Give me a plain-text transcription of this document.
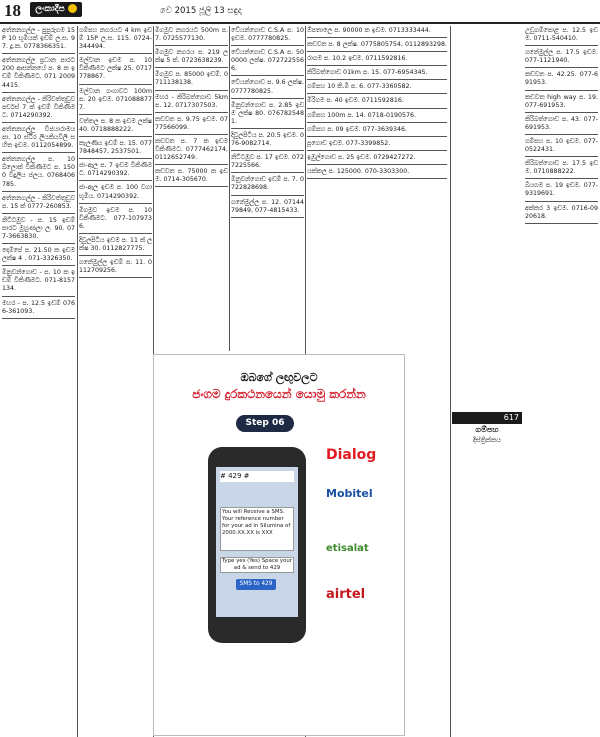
18	ලංකාදීප	වෙ 2015 ජූලි 13 සඳුදා
අත්තනගල්ල - පුපුරුගම 15P 10 භූමියක් ඉඩම් ල.ස. 97. දු.ක. 0778366351.
අත්තනගල්ල ප්‍රධාන පාරට 200 ආසන්නයේ ප. 8 ක ඉඩම් විකිණීමට. 071 2009 4415.
අත්තනගල්ල - කිරිවත්තුඩුව පර්චස් 7 ක් ඉඩම් විකිණීමට. 0714290392.
අත්තනගල්ල විජයාරාමය පා. 10 ස්ථිර ලියකියවිලි සහිත ඉඩම. 0112054899.
අත්තනගල්ල ප. 10 බ්ලොක් විකිණීමට ප. 1500 විදුලිය ජලය. 0768406785.
අත්තනගල්ල - කිරිවත්තුඩුව ප. 15 ක් 0777-260853.
නිට්ටඹුව - ප. 15 ඉඩම් පාරට මුහුණලා ල. 90. 077-3663830.
දොම්පේ ප. 21.50 ක ඉඩම ලක්ෂ 4 . 071-3326350.
මිනුවන්ගොඩ - ප. 10 ක ඉඩම් විකිණීමට. 071-8157134.
මහර - ප. 12.5 ඉඩම් 0766-361093.
ගම්පහ නගරයට 4 km ඉඩම් 15P ල.ස. 115. 0724-344494.
මල්වාන ඉඩම ප. 10 විකිණීමට ලක්ෂ 25. 0717778867.
මල්වාන ගංගාවට 100m ප. 20 ඉඩම. 0710888777.
වත්තල ප. 8 ක ඉඩම ලක්ෂ 40. 0718888222.
කැලණිය ඉඩම් ප. 15. 0777848457, 2537501.
ජා-ඇල ප. 7 ඉඩම විකිණීමට. 0714290392.
ජා-ඇල ඉඩම ප. 100 වගා භූමිය. 0714290392.
මීගමුව ඉඩම ප. 10 විකිණීමට. 077-1079736.
දිවුලපිටිය ඉඩම ප. 11 ක් ලක්ෂ 30. 0112827775.
ගනේමුල්ල ඉඩම් ප. 11. 0112709256.
මීගමුව නගරයට 500m ප. 7. 0725577130.
මීගමුව නගරය ප. 219 ලක්ෂ 5 ක්. 0723638239.
මීගමුව ප. 85000 ඉඩම්. 0711138138.
මහර - කිරිබත්ගොඩ 5km ප. 12. 0717307503.
කඩවත ප. 9.75 ඉඩම. 0777566099.
කඩවත ප. 7 ක ඉඩම විකිණීමට. 0777462174, 0112652749.
කඩවත ප. 75000 ක ඉඩම. 0714-305670.
වේයන්ගොඩ C.S.A ප. 10 ඉඩම. 0777780825.
වේයන්ගොඩ C.S.A ප. 500000 ලක්ෂ. 0727225566.
වේයන්ගොඩ ප. 9.6 ලක්ෂ. 0777780825.
මිනුවන්ගොඩ ප. 2.85 ඉඩම ලක්ෂ 80. 0767825481.
දිවුලපිටිය ප. 20.5 ඉඩම. 076-9082714.
නිට්ටඹුව ප. 17 ඉඩම. 0727225566.
මිනුවන්ගොඩ ඉඩම් ප. 7. 0722828698.
ගනේමුල්ල ප. 12. 0714479849, 077-4815433.
ඕපතාලෙ ප. 90000 ක ඉඩම. 0713333444.
කඩවත ප. 8 ලක්ෂ. 0775805754, 0112893298.
රාගම ප. 10.2 ඉඩම. 0711592816.
කිරිබත්ගොඩ 01km ප. 15. 077-6954345.
ගම්පහ 10 කි.මී ප. 6. 077-3360582.
මීරිගම ප. 40 ඉඩම. 0711592816.
ගම්පහ 100m ප. 14. 0718-0190576.
ගම්පහ ප. 09 ඉඩම. 077-3639346.
පූගොඩ ඉඩම. 077-3399852.
ඉඹුල්ගොඩ ප. 25 ඉඩම. 0729427272.
යක්කල ප. 125000. 070-3303300.
උඩුගම්පොළ ප. 12.5 ඉඩම. 0711-540410.
ගනේමුල්ල ප. 17.5 ඉඩම. 077-1121940.
කඩවත ප. 42.25. 077-691953.
කඩවත high way ප. 19. 077-691953.
කිරිබත්ගොඩ ප. 43. 077-691953.
ගම්පහ ප. 10 ඉඩම. 077-0522431.
කිරිබත්ගොඩ ප. 17.5 ඉඩම. 0710888222.
බියගම ප. 19 ඉඩම. 077-9319691.
අක්කර 3 ඉඩම. 0716-0920618.
ඔබගේ ලඟුවලට
ජංගම දුරකථනයෙන් යොමු කරන්න
Step 06
# 429 #
You will Receive a SMS. Your reference number for your ad in Silumina of 2000.XX.XX is XXX
Type yes (Yes) Space your ad & send to 429
SMS to 429
Dialog
Mobitel
etisalat
airtel
617
ගම්පහ
දිස්ත්‍රික්කය
